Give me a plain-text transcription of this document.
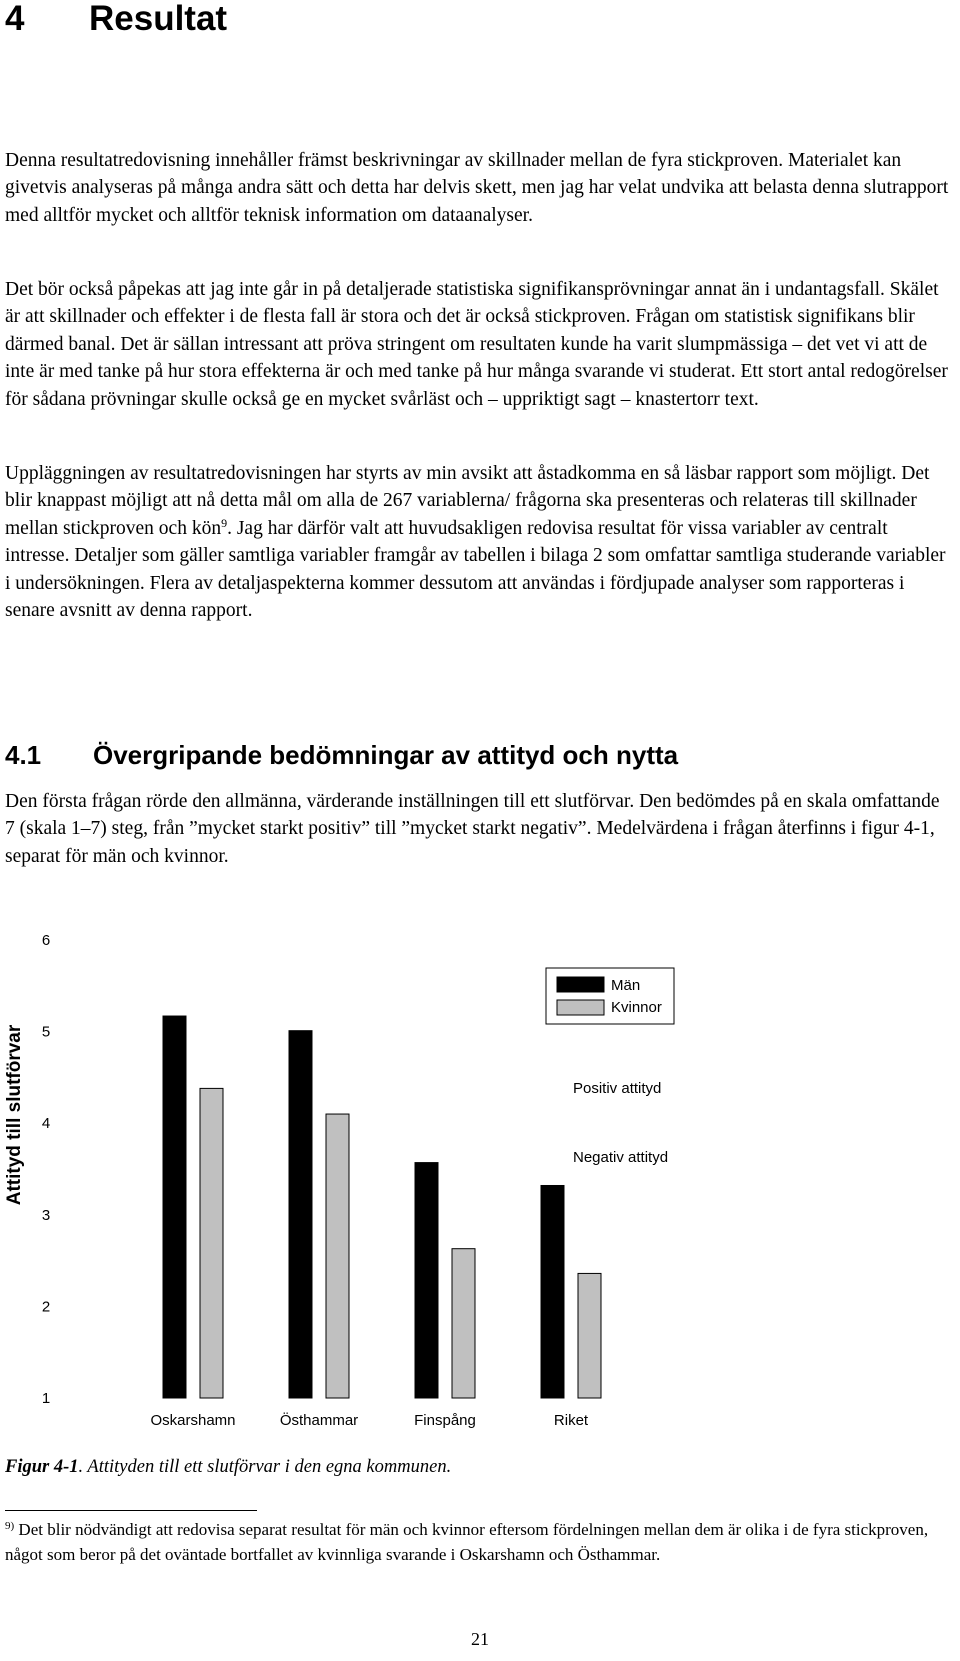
4 Resultat

Denna resultatredovisning innehåller främst beskrivningar av skillnader mellan de fyra stickproven. Materialet kan givetvis analyseras på många andra sätt och detta har delvis skett, men jag har velat undvika att belasta denna slutrapport med alltför mycket och alltför teknisk information om dataanalyser.

Det bör också påpekas att jag inte går in på detaljerade statistiska signifikansprövningar annat än i undantagsfall. Skälet är att skillnader och effekter i de flesta fall är stora och det är också stickproven. Frågan om statistisk signifikans blir därmed banal. Det är sällan intressant att pröva stringent om resultaten kunde ha varit slumpmässiga – det vet vi att de inte är med tanke på hur stora effekterna är och med tanke på hur många svarande vi studerat. Ett stort antal redogörelser för sådana prövningar skulle också ge en mycket svårläst och – uppriktigt sagt – knastertorr text.

Uppläggningen av resultatredovisningen har styrts av min avsikt att åstadkomma en så läsbar rapport som möjligt. Det blir knappast möjligt att nå detta mål om alla de 267 variablerna/ frågorna ska presenteras och relateras till skillnader mellan stickproven och kön$^9$. Jag har därför valt att huvudsakligen redovisa resultat för vissa variabler av centralt intresse. Detaljer som gäller samtliga variabler framgår av tabellen i bilaga 2 som omfattar samtliga studerande variabler i undersökningen. Flera av detaljaspekterna kommer dessutom att användas i fördjupade analyser som rapporteras i senare avsnitt av denna rapport.

4.1 Övergripande bedömningar av attityd och nytta

Den första frågan rörde den allmänna, värderande inställningen till ett slutförvar. Den bedömdes på en skala omfattande 7 (skala 1–7) steg, från ”mycket starkt positiv” till ”mycket starkt negativ”. Medelvärdena i frågan återfinns i figur 4-1, separat för män och kvinnor.

Attityd till slutförvar
1
2
3
4
5
6
Oskarshamn	Östhammar	Finspång	Riket
Män
Kvinnor
Positiv attityd
Negativ attityd

Figur 4-1. Attityden till ett slutförvar i den egna kommunen.

$^{9)}$ Det blir nödvändigt att redovisa separat resultat för män och kvinnor eftersom fördelningen mellan dem är olika i de fyra stickproven, något som beror på det oväntade bortfallet av kvinnliga svarande i Oskarshamn och Östhammar.

21
